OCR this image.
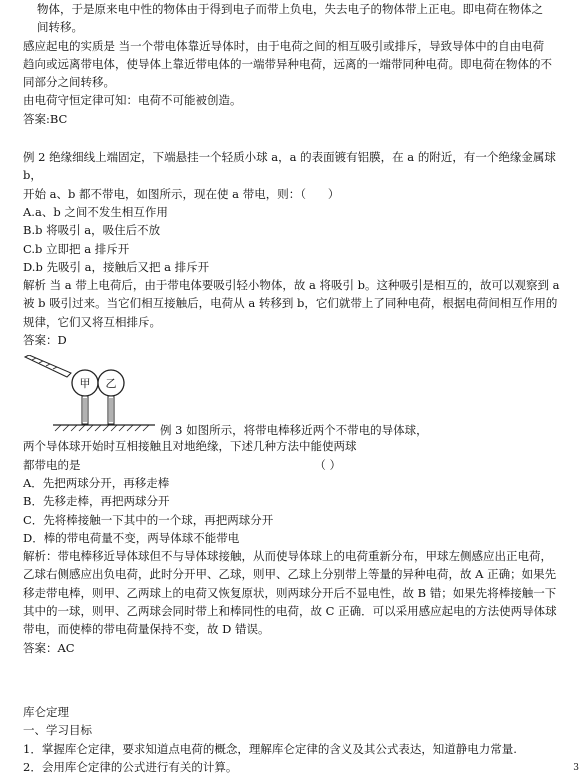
物体，于是原来电中性的物体由于得到电子而带上负电，失去电子的物体带上正电。即电荷在物体之

间转移。

感应起电的实质是 当一个带电体靠近导体时，由于电荷之间的相互吸引或排斥，导致导体中的自由电荷

趋向或远离带电体，使导体上靠近带电体的一端带异种电荷，远离的一端带同种电荷。即电荷在物体的不

同部分之间转移。

由电荷守恒定律可知：电荷不可能被创造。

答案:BC

例 2 绝缘细线上端固定，下端悬挂一个轻质小球 a，a 的表面镀有铝膜，在 a 的附近，有一个绝缘金属球 b，

开始 a、b 都不带电，如图所示，现在使 a 带电，则：（      ）

A.a、b 之间不发生相互作用

B.b 将吸引 a，吸住后不放

C.b 立即把 a 排斥开

D.b 先吸引 a，接触后又把 a 排斥开

解析 当 a 带上电荷后，由于带电体要吸引轻小物体，故 a 将吸引 b。这种吸引是相互的，故可以观察到 a

被 b 吸引过来。当它们相互接触后，电荷从 a 转移到 b，它们就带上了同种电荷，根据电荷间相互作用的

规律，它们又将互相排斥。

答案：D

甲 乙

例 3 如图所示，将带电棒移近两个不带电的导体球，

两个导体球开始时互相接触且对地绝缘，下述几种方法中能使两球

都带电的是	（ ）

A．先把两球分开，再移走棒

B．先移走棒，再把两球分开

C．先将棒接触一下其中的一个球，再把两球分开

D．棒的带电荷量不变，两导体球不能带电

解析：带电棒移近导体球但不与导体球接触，从而使导体球上的电荷重新分布，甲球左侧感应出正电荷，

乙球右侧感应出负电荷，此时分开甲、乙球，则甲、乙球上分别带上等量的异种电荷，故 A 正确；如果先

移走带电棒，则甲、乙两球上的电荷又恢复原状，则两球分开后不显电性，故 B 错；如果先将棒接触一下

其中的一球，则甲、乙两球会同时带上和棒同性的电荷，故 C 正确．可以采用感应起电的方法使两导体球

带电，而使棒的带电荷量保持不变，故 D 错误。

答案：AC

库仑定理

一、学习目标

1．掌握库仑定律，要求知道点电荷的概念，理解库仑定律的含义及其公式表达，知道静电力常量.

2．会用库仑定律的公式进行有关的计算。	3
